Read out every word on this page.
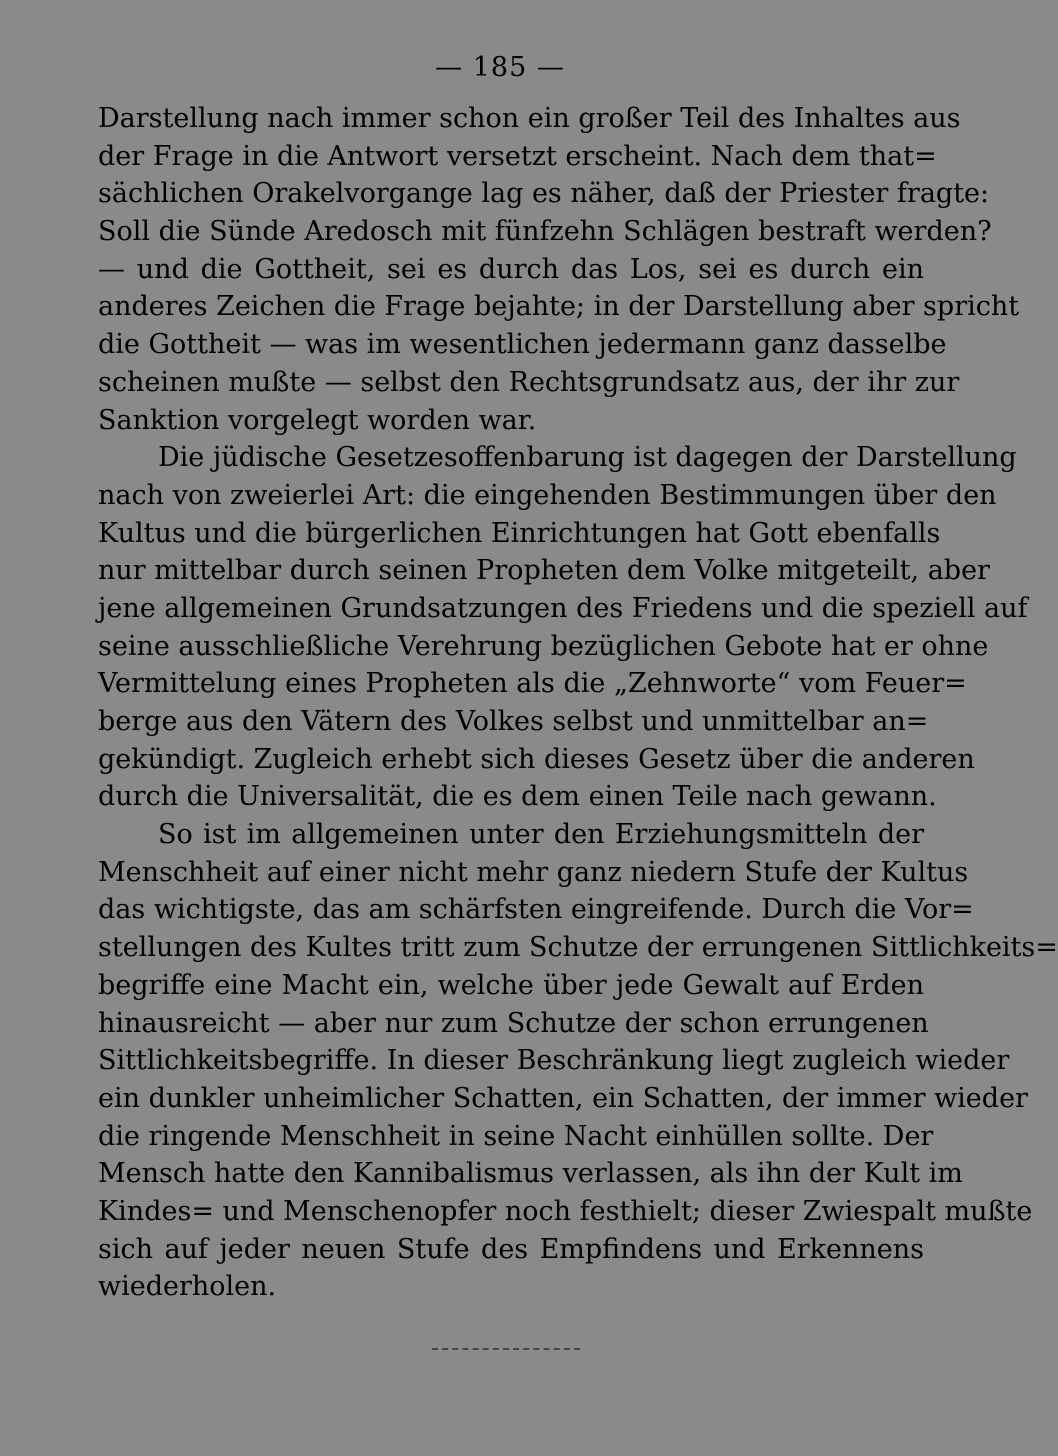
— 185 —
Darstellung nach immer schon ein großer Teil des Inhaltes aus
der Frage in die Antwort versetzt erscheint. Nach dem that=
sächlichen Orakelvorgange lag es näher, daß der Priester fragte:
Soll die Sünde Aredosch mit fünfzehn Schlägen bestraft werden?
— und die Gottheit, sei es durch das Los, sei es durch ein
anderes Zeichen die Frage bejahte; in der Darstellung aber spricht
die Gottheit — was im wesentlichen jedermann ganz dasselbe
scheinen mußte — selbst den Rechtsgrundsatz aus, der ihr zur
Sanktion vorgelegt worden war.
Die jüdische Gesetzesoffenbarung ist dagegen der Darstellung
nach von zweierlei Art: die eingehenden Bestimmungen über den
Kultus und die bürgerlichen Einrichtungen hat Gott ebenfalls
nur mittelbar durch seinen Propheten dem Volke mitgeteilt, aber
jene allgemeinen Grundsatzungen des Friedens und die speziell auf
seine ausschließliche Verehrung bezüglichen Gebote hat er ohne
Vermittelung eines Propheten als die „Zehnworte“ vom Feuer=
berge aus den Vätern des Volkes selbst und unmittelbar an=
gekündigt. Zugleich erhebt sich dieses Gesetz über die anderen
durch die Universalität, die es dem einen Teile nach gewann.
So ist im allgemeinen unter den Erziehungsmitteln der
Menschheit auf einer nicht mehr ganz niedern Stufe der Kultus
das wichtigste, das am schärfsten eingreifende. Durch die Vor=
stellungen des Kultes tritt zum Schutze der errungenen Sittlichkeits=
begriffe eine Macht ein, welche über jede Gewalt auf Erden
hinausreicht — aber nur zum Schutze der schon errungenen
Sittlichkeitsbegriffe. In dieser Beschränkung liegt zugleich wieder
ein dunkler unheimlicher Schatten, ein Schatten, der immer wieder
die ringende Menschheit in seine Nacht einhüllen sollte. Der
Mensch hatte den Kannibalismus verlassen, als ihn der Kult im
Kindes= und Menschenopfer noch festhielt; dieser Zwiespalt mußte
sich auf jeder neuen Stufe des Empfindens und Erkennens
wiederholen.
